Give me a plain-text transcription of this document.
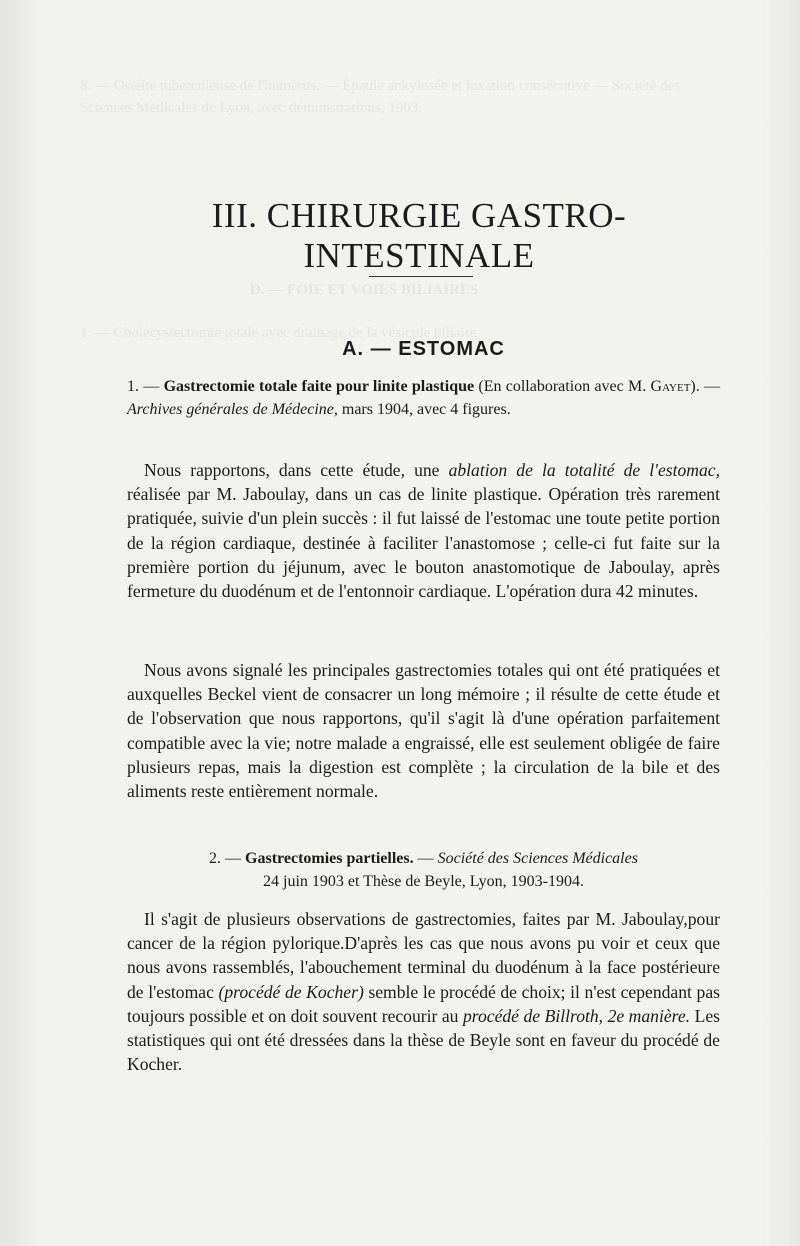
8. — Ostéite tuberculeuse de l'humérus. — Épaule ankylosée et luxation consécutive — Société des
Sciences Médicales de Lyon, avec démonstrations, 1903.
D. — FOIE ET VOIES BILIAIRES
1. — Cholécystectomie totale avec drainage de la vésicule biliaire
III. CHIRURGIE GASTRO-INTESTINALE
A. — ESTOMAC

1. — Gastrectomie totale faite pour linite plastique (En collaboration avec M. Gayet). — Archives générales de Médecine, mars 1904, avec 4 figures.

Nous rapportons, dans cette étude, une ablation de la totalité de l'estomac, réalisée par M. Jaboulay, dans un cas de linite plastique. Opération très rarement pratiquée, suivie d'un plein succès : il fut laissé de l'estomac une toute petite portion de la région cardiaque, destinée à faciliter l'anastomose ; celle-ci fut faite sur la première portion du jéjunum, avec le bouton anastomotique de Jaboulay, après fermeture du duodénum et de l'entonnoir cardiaque. L'opération dura 42 minutes.

Nous avons signalé les principales gastrectomies totales qui ont été pratiquées et auxquelles Beckel vient de consacrer un long mémoire ; il résulte de cette étude et de l'observation que nous rapportons, qu'il s'agit là d'une opération parfaitement compatible avec la vie; notre malade a engraissé, elle est seulement obligée de faire plusieurs repas, mais la digestion est complète ; la circulation de la bile et des aliments reste entièrement normale.

2. — Gastrectomies partielles. — Société des Sciences Médicales
24 juin 1903 et Thèse de Beyle, Lyon, 1903-1904.

Il s'agit de plusieurs observations de gastrectomies, faites par M. Jaboulay,pour cancer de la région pylorique.D'après les cas que nous avons pu voir et ceux que nous avons rassemblés, l'abouchement terminal du duodénum à la face postérieure de l'estomac (procédé de Kocher) semble le procédé de choix; il n'est cependant pas toujours possible et on doit souvent recourir au procédé de Billroth, 2e manière. Les statistiques qui ont été dressées dans la thèse de Beyle sont en faveur du procédé de Kocher.
